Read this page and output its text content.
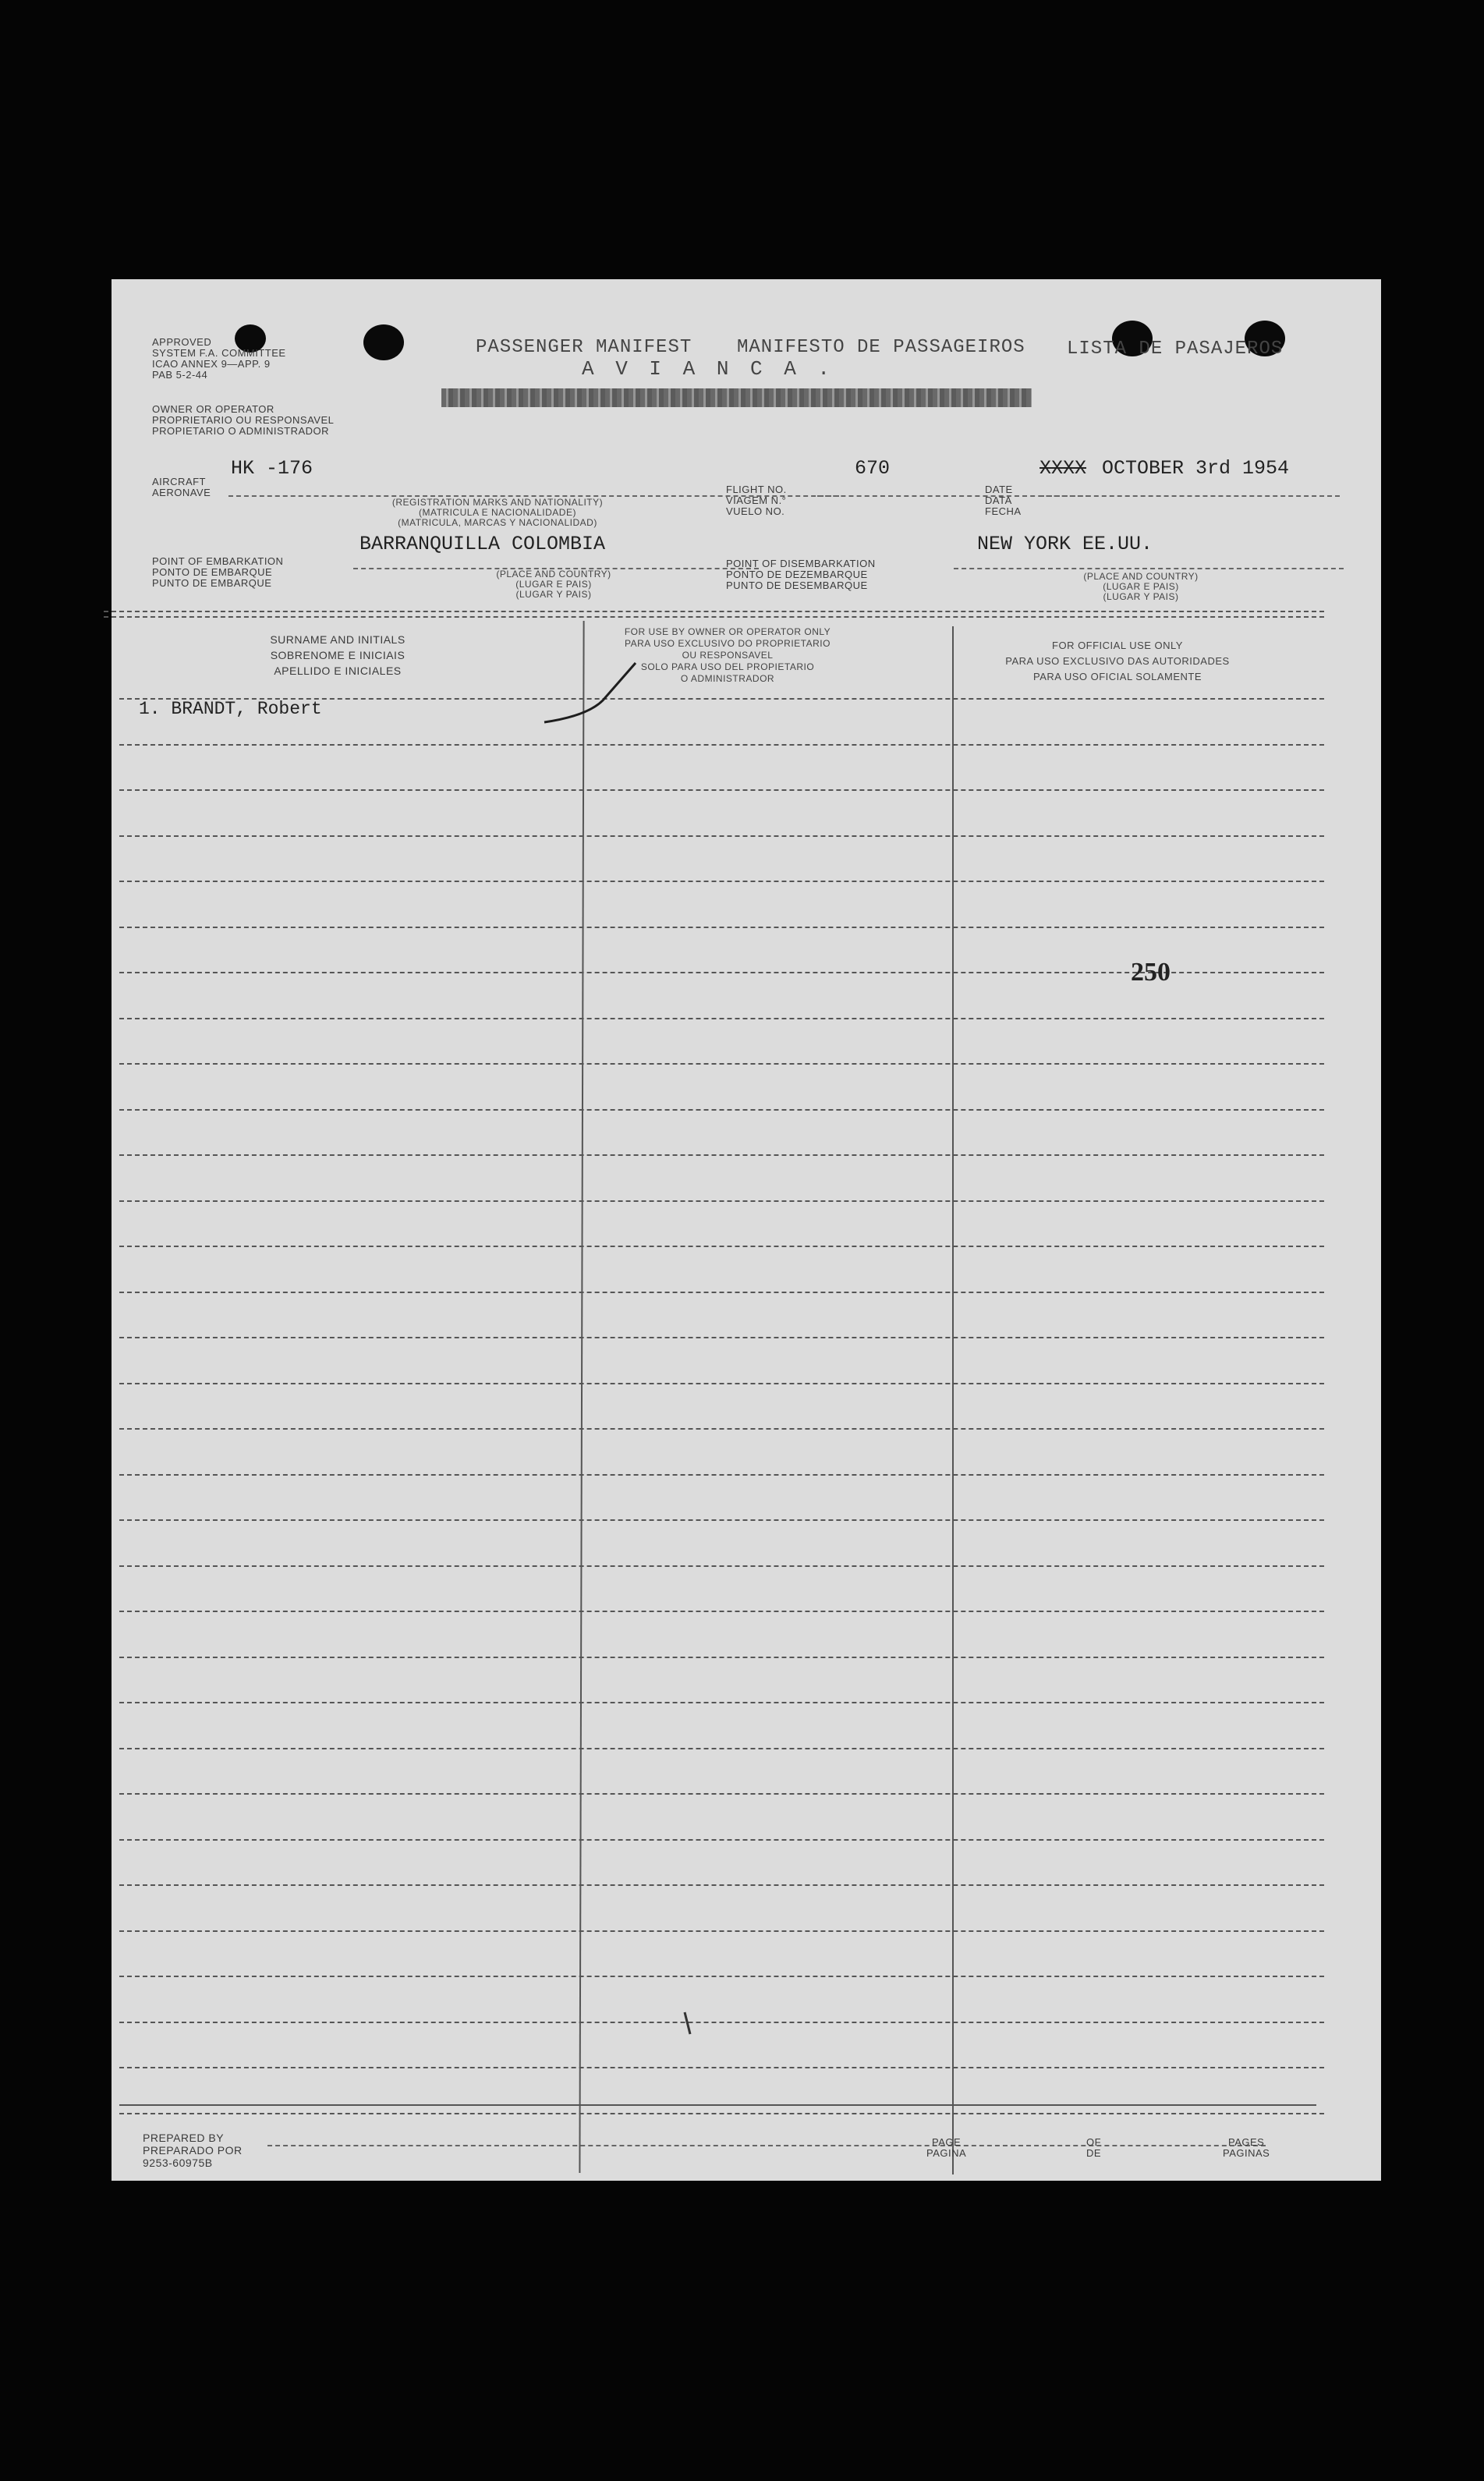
APPROVED
SYSTEM F.A. COMMITTEE
ICAO ANNEX 9—APP. 9
PAB 5-2-44
PASSENGER MANIFEST MANIFESTO DE PASSAGEIROS LISTA DE PASAJEROS
A V I A N C A .
OWNER OR OPERATOR
PROPRIETARIO OU RESPONSAVEL
PROPIETARIO O ADMINISTRADOR
AIRCRAFT
AERONAVE
HK -176
(REGISTRATION MARKS AND NATIONALITY)
(MATRICULA E NACIONALIDADE)
(MATRICULA, MARCAS Y NACIONALIDAD)
FLIGHT NO.
VIAGEM N.°
VUELO NO.
670
DATE
DATA
FECHA
XXXX OCTOBER 3rd 1954
POINT OF EMBARKATION
PONTO DE EMBARQUE
PUNTO DE EMBARQUE
BARRANQUILLA COLOMBIA
(PLACE AND COUNTRY)
(LUGAR E PAIS)
(LUGAR Y PAIS)
POINT OF DISEMBARKATION
PONTO DE DEZEMBARQUE
PUNTO DE DESEMBARQUE
NEW YORK EE.UU.
(PLACE AND COUNTRY)
(LUGAR E PAIS)
(LUGAR Y PAIS)
SURNAME AND INITIALS
SOBRENOME E INICIAIS
APELLIDO E INICIALES
FOR USE BY OWNER OR OPERATOR ONLY
PARA USO EXCLUSIVO DO PROPRIETARIO
OU RESPONSAVEL
SOLO PARA USO DEL PROPIETARIO
O ADMINISTRADOR
FOR OFFICIAL USE ONLY
PARA USO EXCLUSIVO DAS AUTORIDADES
PARA USO OFICIAL SOLAMENTE
1. BRANDT, Robert
250
PREPARED BY
PREPARADO POR
9253-60975B
PAGE
PAGINA
OF
DE
PAGES
PAGINAS
